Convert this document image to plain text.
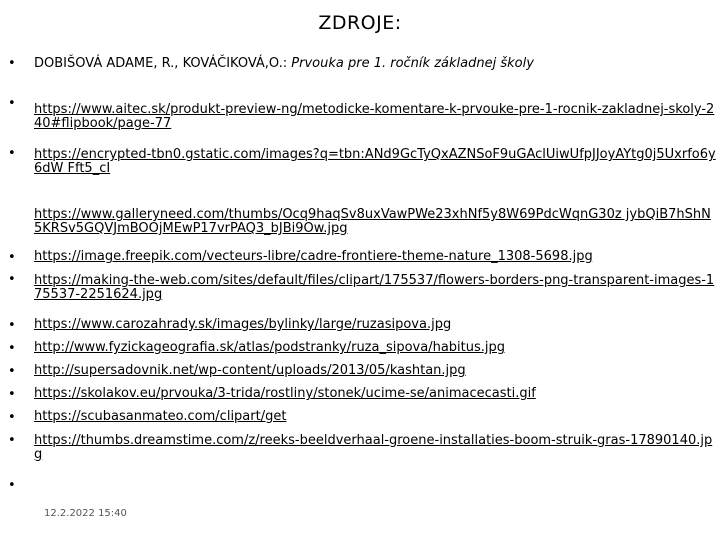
ZDROJE:
•
•
•
•
•
•
•
•
•
•
•
•
DOBIŠOVÁ ADAME, R., KOVÁČIKOVÁ,O.: Prvouka pre 1. ročník základnej školy
https://www.aitec.sk/produkt-preview-ng/metodicke-komentare-k-prvouke-pre-1-rocnik-zakladnej-skoly-240#flipbook/page-77
https://encrypted-tbn0.gstatic.com/images?q=tbn:ANd9GcTyQxAZNSoF9uGAclUiwUfpJJoyAYtg0j5Uxrfo6y6dW Fft5_cI
https://www.galleryneed.com/thumbs/Ocq9haqSv8uxVawPWe23xhNf5y8W69PdcWqnG30z jybQiB7hShN5KRSv5GQVJmBOOjMEwP17vrPAQ3_bJBi9Ow.jpg
https://image.freepik.com/vecteurs-libre/cadre-frontiere-theme-nature_1308-5698.jpg
https://making-the-web.com/sites/default/files/clipart/175537/flowers-borders-png-transparent-images-175537-2251624.jpg
https://www.carozahrady.sk/images/bylinky/large/ruzasipova.jpg
http://www.fyzickageografia.sk/atlas/podstranky/ruza_sipova/habitus.jpg
http://supersadovnik.net/wp-content/uploads/2013/05/kashtan.jpg
https://skolakov.eu/prvouka/3-trida/rostliny/stonek/ucime-se/animacecasti.gif
https://scubasanmateo.com/clipart/get
https://thumbs.dreamstime.com/z/reeks-beeldverhaal-groene-installaties-boom-struik-gras-17890140.jpg
12.2.2022 15:40
